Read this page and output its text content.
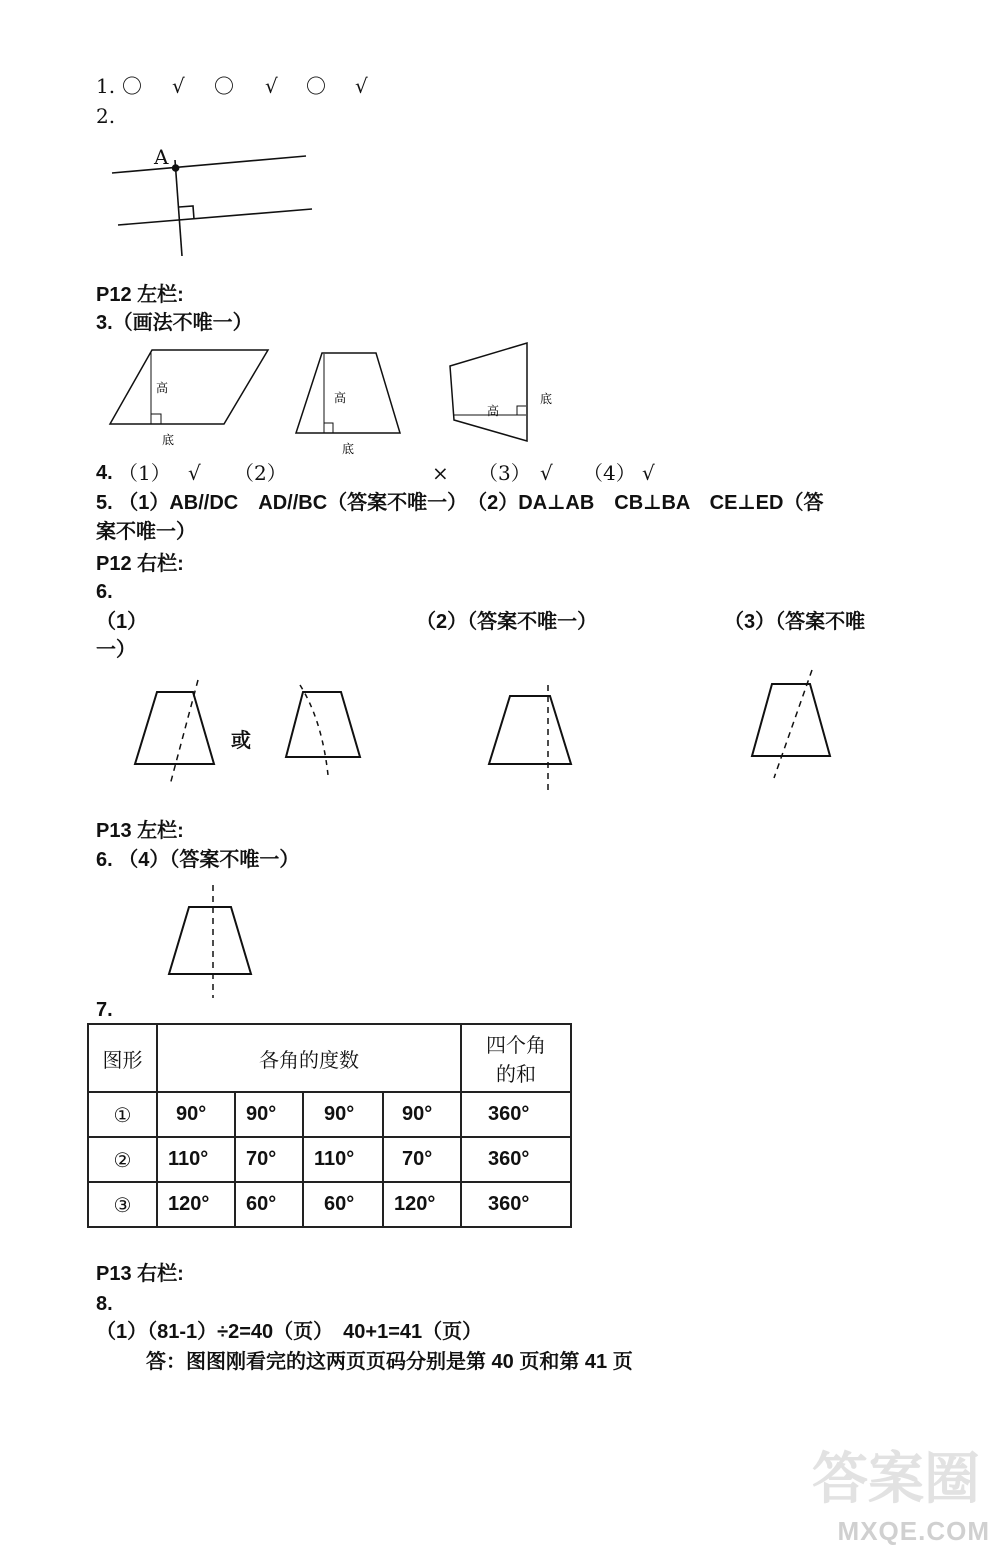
1. 〇 √ 〇 √ 〇 √
2.
A
高
底
高
底
高
底
P12 左栏:
3.（画法不唯一）
4. （1） √ （2）	× （3） √ （4） √
5. （1）AB//DC　AD//BC（答案不唯一）　（2）DA⊥AB　CB⊥BA　CE⊥ED（答
案不唯一）
P12 右栏:
6.
（1）	（2）（答案不唯一）	（3）（答案不唯
一）
或
P13 左栏:
6. （4）（答案不唯一）
7.
图形	各角的度数				四个角
的和

①	90°	90°	90°	90°	360°
②	110°	70°	110°	70°	360°
③	120°	60°	60°	120°	360°
P13 右栏:
8.
（1）（81-1）÷2=40（页）　40+1=41（页）
答：图图刚看完的这两页页码分别是第 40 页和第 41 页
答案圈
MXQE.COM
